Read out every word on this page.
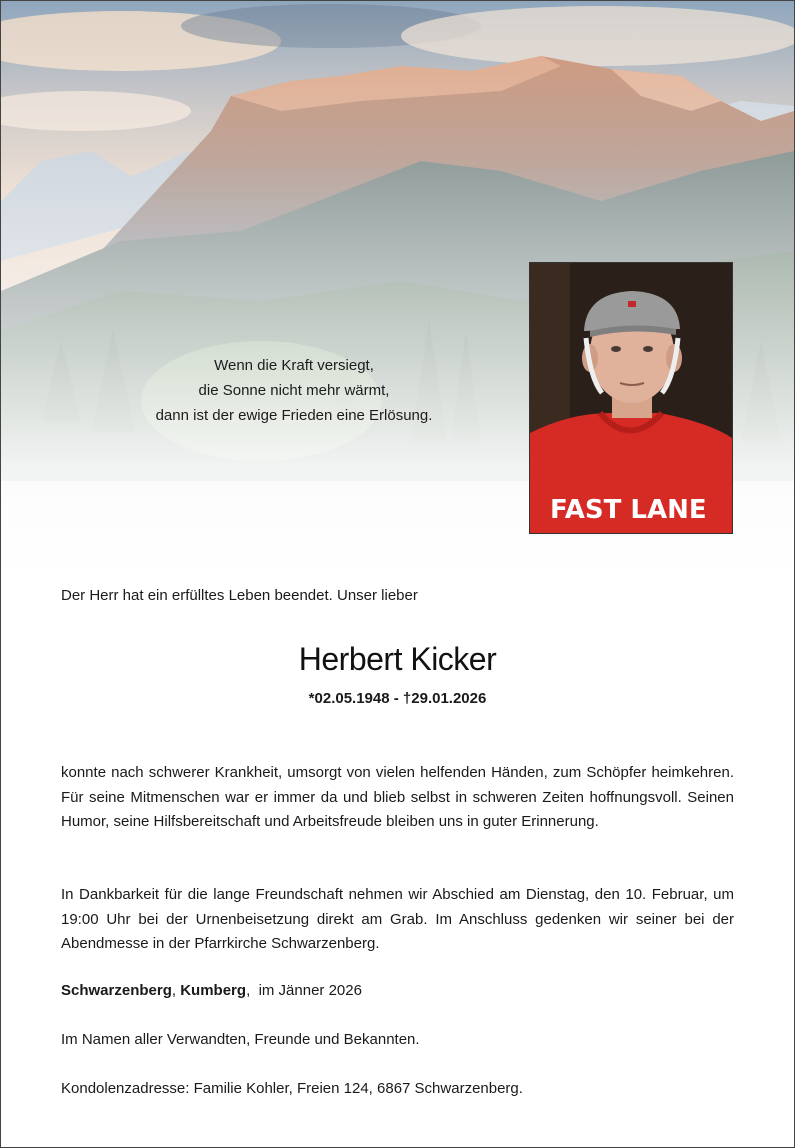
Wenn die Kraft versiegt,
die Sonne nicht mehr wärmt,
dann ist der ewige Frieden eine Erlösung.
FAST LANE
Der Herr hat ein erfülltes Leben beendet. Unser lieber
Herbert Kicker
*02.05.1948 - †29.01.2026

konnte nach schwerer Krankheit, umsorgt von vielen helfenden Händen, zum Schöpfer heimkehren. Für seine Mitmenschen war er immer da und blieb selbst in schweren Zeiten hoffnungsvoll. Seinen Humor, seine Hilfsbereitschaft und Arbeitsfreude bleiben uns in guter Erinnerung.

In Dankbarkeit für die lange Freundschaft nehmen wir Abschied am Dienstag, den 10. Februar, um 19:00 Uhr bei der Urnenbeisetzung direkt am Grab. Im Anschluss gedenken wir seiner bei der Abendmesse in der Pfarrkirche Schwarzenberg.

Schwarzenberg, Kumberg,  im Jänner 2026

Im Namen aller Verwandten, Freunde und Bekannten.

Kondolenzadresse: Familie Kohler, Freien 124, 6867 Schwarzenberg.
